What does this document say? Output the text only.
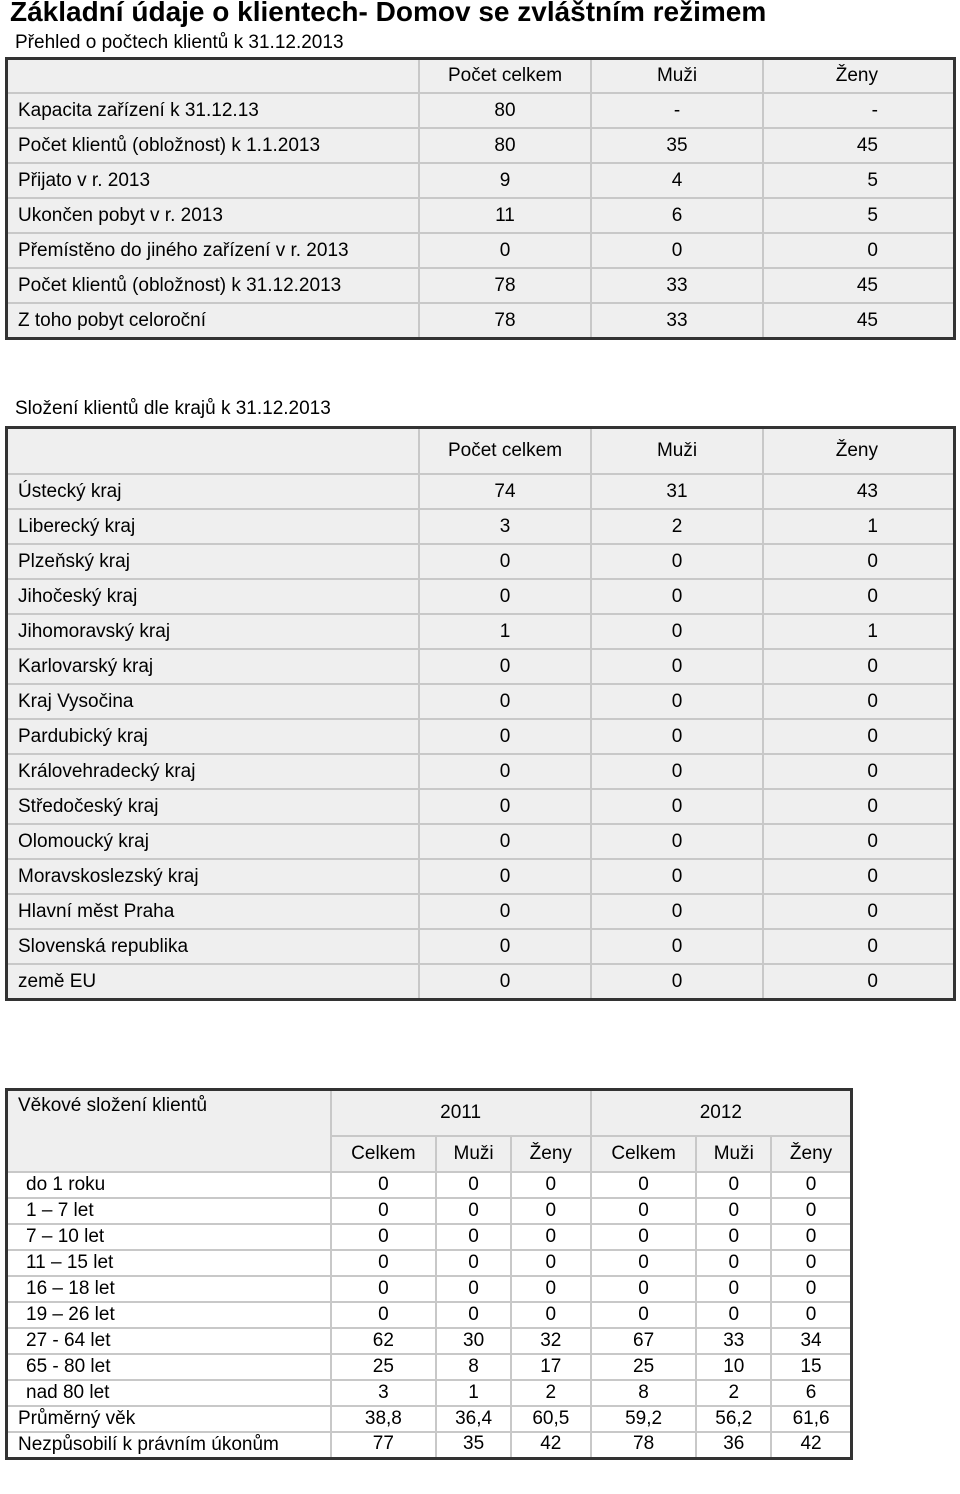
Základní údaje o klientech- Domov se zvláštním režimem
Přehled o počtech klientů k 31.12.2013
	Počet celkem	Muži	Ženy
Kapacita zařízení k 31.12.13	80	-	-
Počet klientů (obložnost) k 1.1.2013	80	35	45
Přijato v r. 2013	9	4	5
Ukončen pobyt v r. 2013	11	6	5
Přemístěno do jiného zařízení v r. 2013	0	0	0
Počet klientů (obložnost) k 31.12.2013	78	33	45
Z toho pobyt celoroční	78	33	45
Složení klientů dle krajů k 31.12.2013
	Počet celkem	Muži	Ženy
Ústecký kraj	74	31	43
Liberecký kraj	3	2	1
Plzeňský kraj	0	0	0
Jihočeský kraj	0	0	0
Jihomoravský kraj	1	0	1
Karlovarský kraj	0	0	0
Kraj Vysočina	0	0	0
Pardubický kraj	0	0	0
Královehradecký kraj	0	0	0
Středočeský kraj	0	0	0
Olomoucký kraj	0	0	0
Moravskoslezský kraj	0	0	0
Hlavní měst Praha	0	0	0
Slovenská republika	0	0	0
země EU	0	0	0
Věkové složení klientů	2011			2012		
	Celkem	Muži	Ženy	Celkem	Muži	Ženy
do 1 roku	0	0	0	0	0	0
1 – 7 let	0	0	0	0	0	0
7 – 10 let	0	0	0	0	0	0
11 – 15 let	0	0	0	0	0	0
16 – 18 let	0	0	0	0	0	0
19 – 26 let	0	0	0	0	0	0
27 - 64 let	62	30	32	67	33	34
65 - 80 let	25	8	17	25	10	15
nad 80 let	3	1	2	8	2	6
Průměrný věk	38,8	36,4	60,5	59,2	56,2	61,6
Nezpůsobilí k právním úkonům	77	35	42	78	36	42
